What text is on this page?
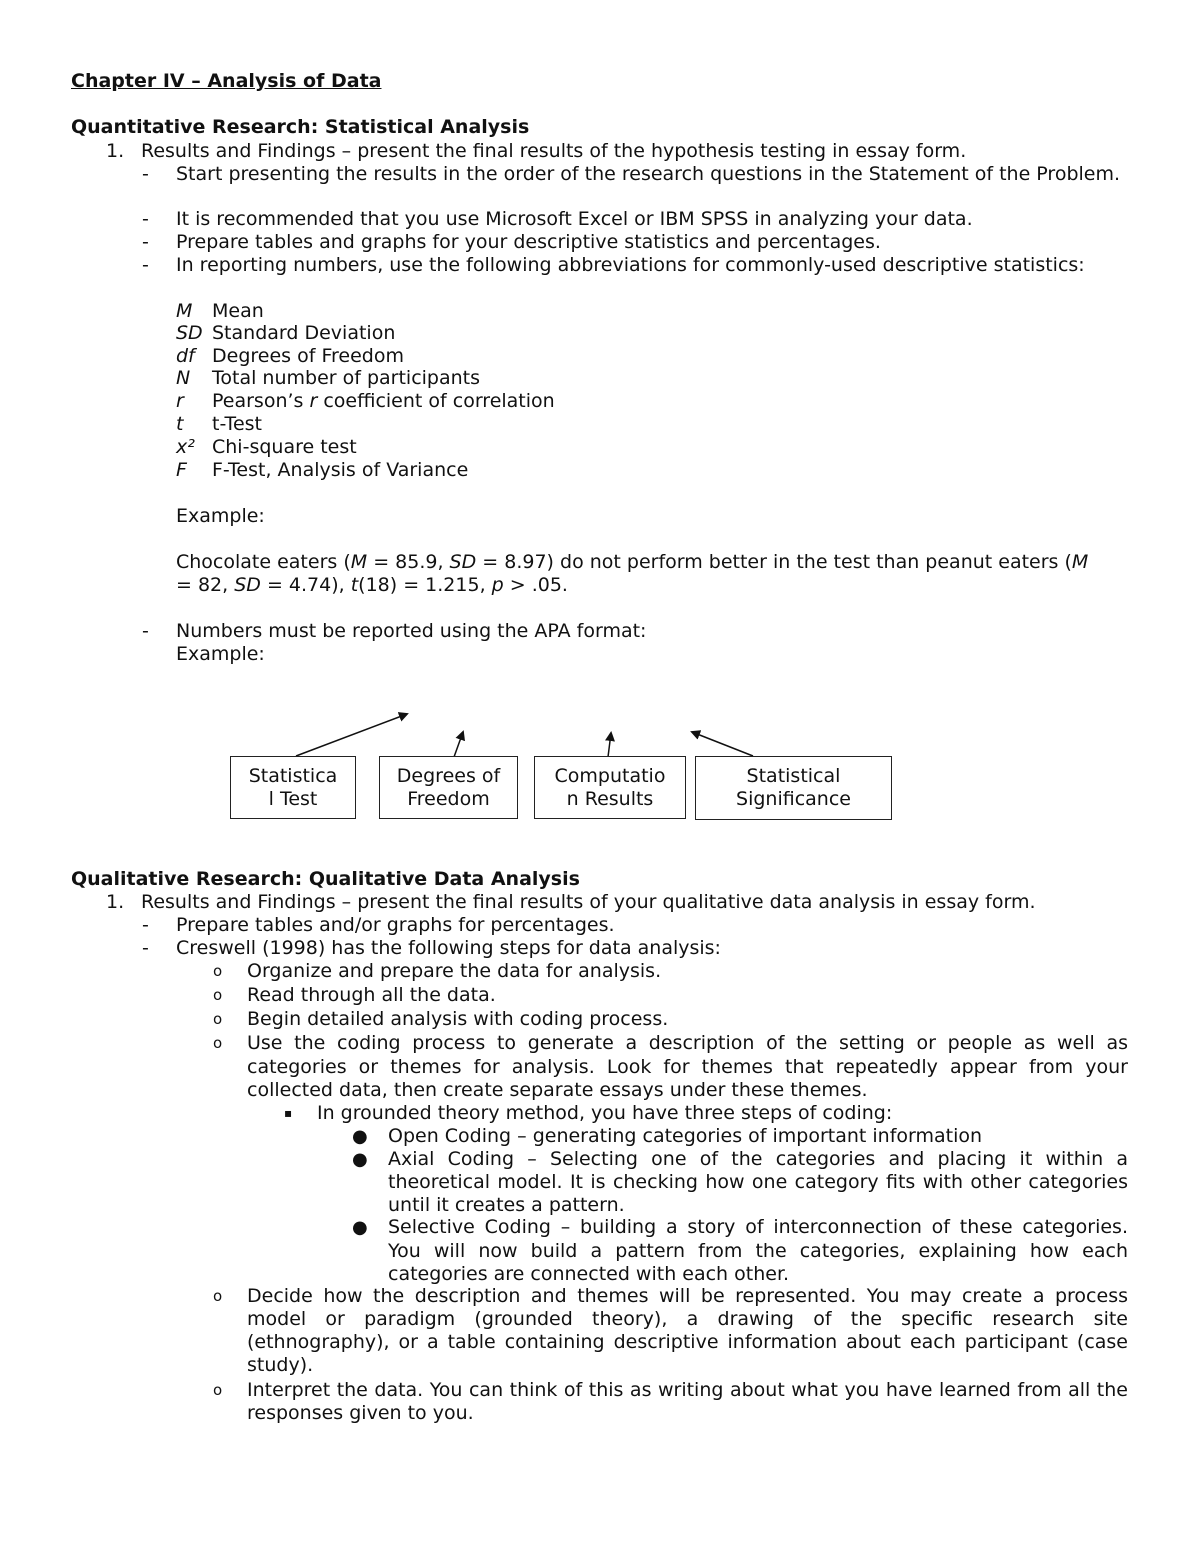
Chapter IV – Analysis of Data
Quantitative Research: Statistical Analysis
1. Results and Findings – present the final results of the hypothesis testing in essay form.
-	Start presenting the results in the order of the research questions in the Statement of the Problem.
-	It is recommended that you use Microsoft Excel or IBM SPSS in analyzing your data.
-	Prepare tables and graphs for your descriptive statistics and percentages.
-	In reporting numbers, use the following abbreviations for commonly-used descriptive statistics:
M Mean
SD Standard Deviation
df Degrees of Freedom
N Total number of participants
r Pearson’s r coefficient of correlation
t t-Test
x² Chi-square test
F F-Test, Analysis of Variance
Example:
Chocolate eaters (M = 85.9, SD = 8.97) do not perform better in the test than peanut eaters (M
= 82, SD = 4.74), t(18) = 1.215, p > .05.
-	Numbers must be reported using the APA format:
Example:
Statistica
l Test
Degrees of
Freedom
Computatio
n Results
Statistical
Significance
Qualitative Research: Qualitative Data Analysis
1. Results and Findings – present the final results of your qualitative data analysis in essay form.
-	Prepare tables and/or graphs for percentages.
-	Creswell (1998) has the following steps for data analysis:
o Organize and prepare the data for analysis.
o Read through all the data.
o Begin detailed analysis with coding process.
o Use the coding process to generate a description of the setting or people as well as categories or themes for analysis. Look for themes that repeatedly appear from your collected data, then create separate essays under these themes.
▪ In grounded theory method, you have three steps of coding:
● Open Coding – generating categories of important information
● Axial Coding – Selecting one of the categories and placing it within a theoretical model. It is checking how one category fits with other categories until it creates a pattern.
● Selective Coding – building a story of interconnection of these categories. You will now build a pattern from the categories, explaining how each categories are connected with each other.
o Decide how the description and themes will be represented. You may create a process model or paradigm (grounded theory), a drawing of the specific research site (ethnography), or a table containing descriptive information about each participant (case study).
o Interpret the data. You can think of this as writing about what you have learned from all the responses given to you.
